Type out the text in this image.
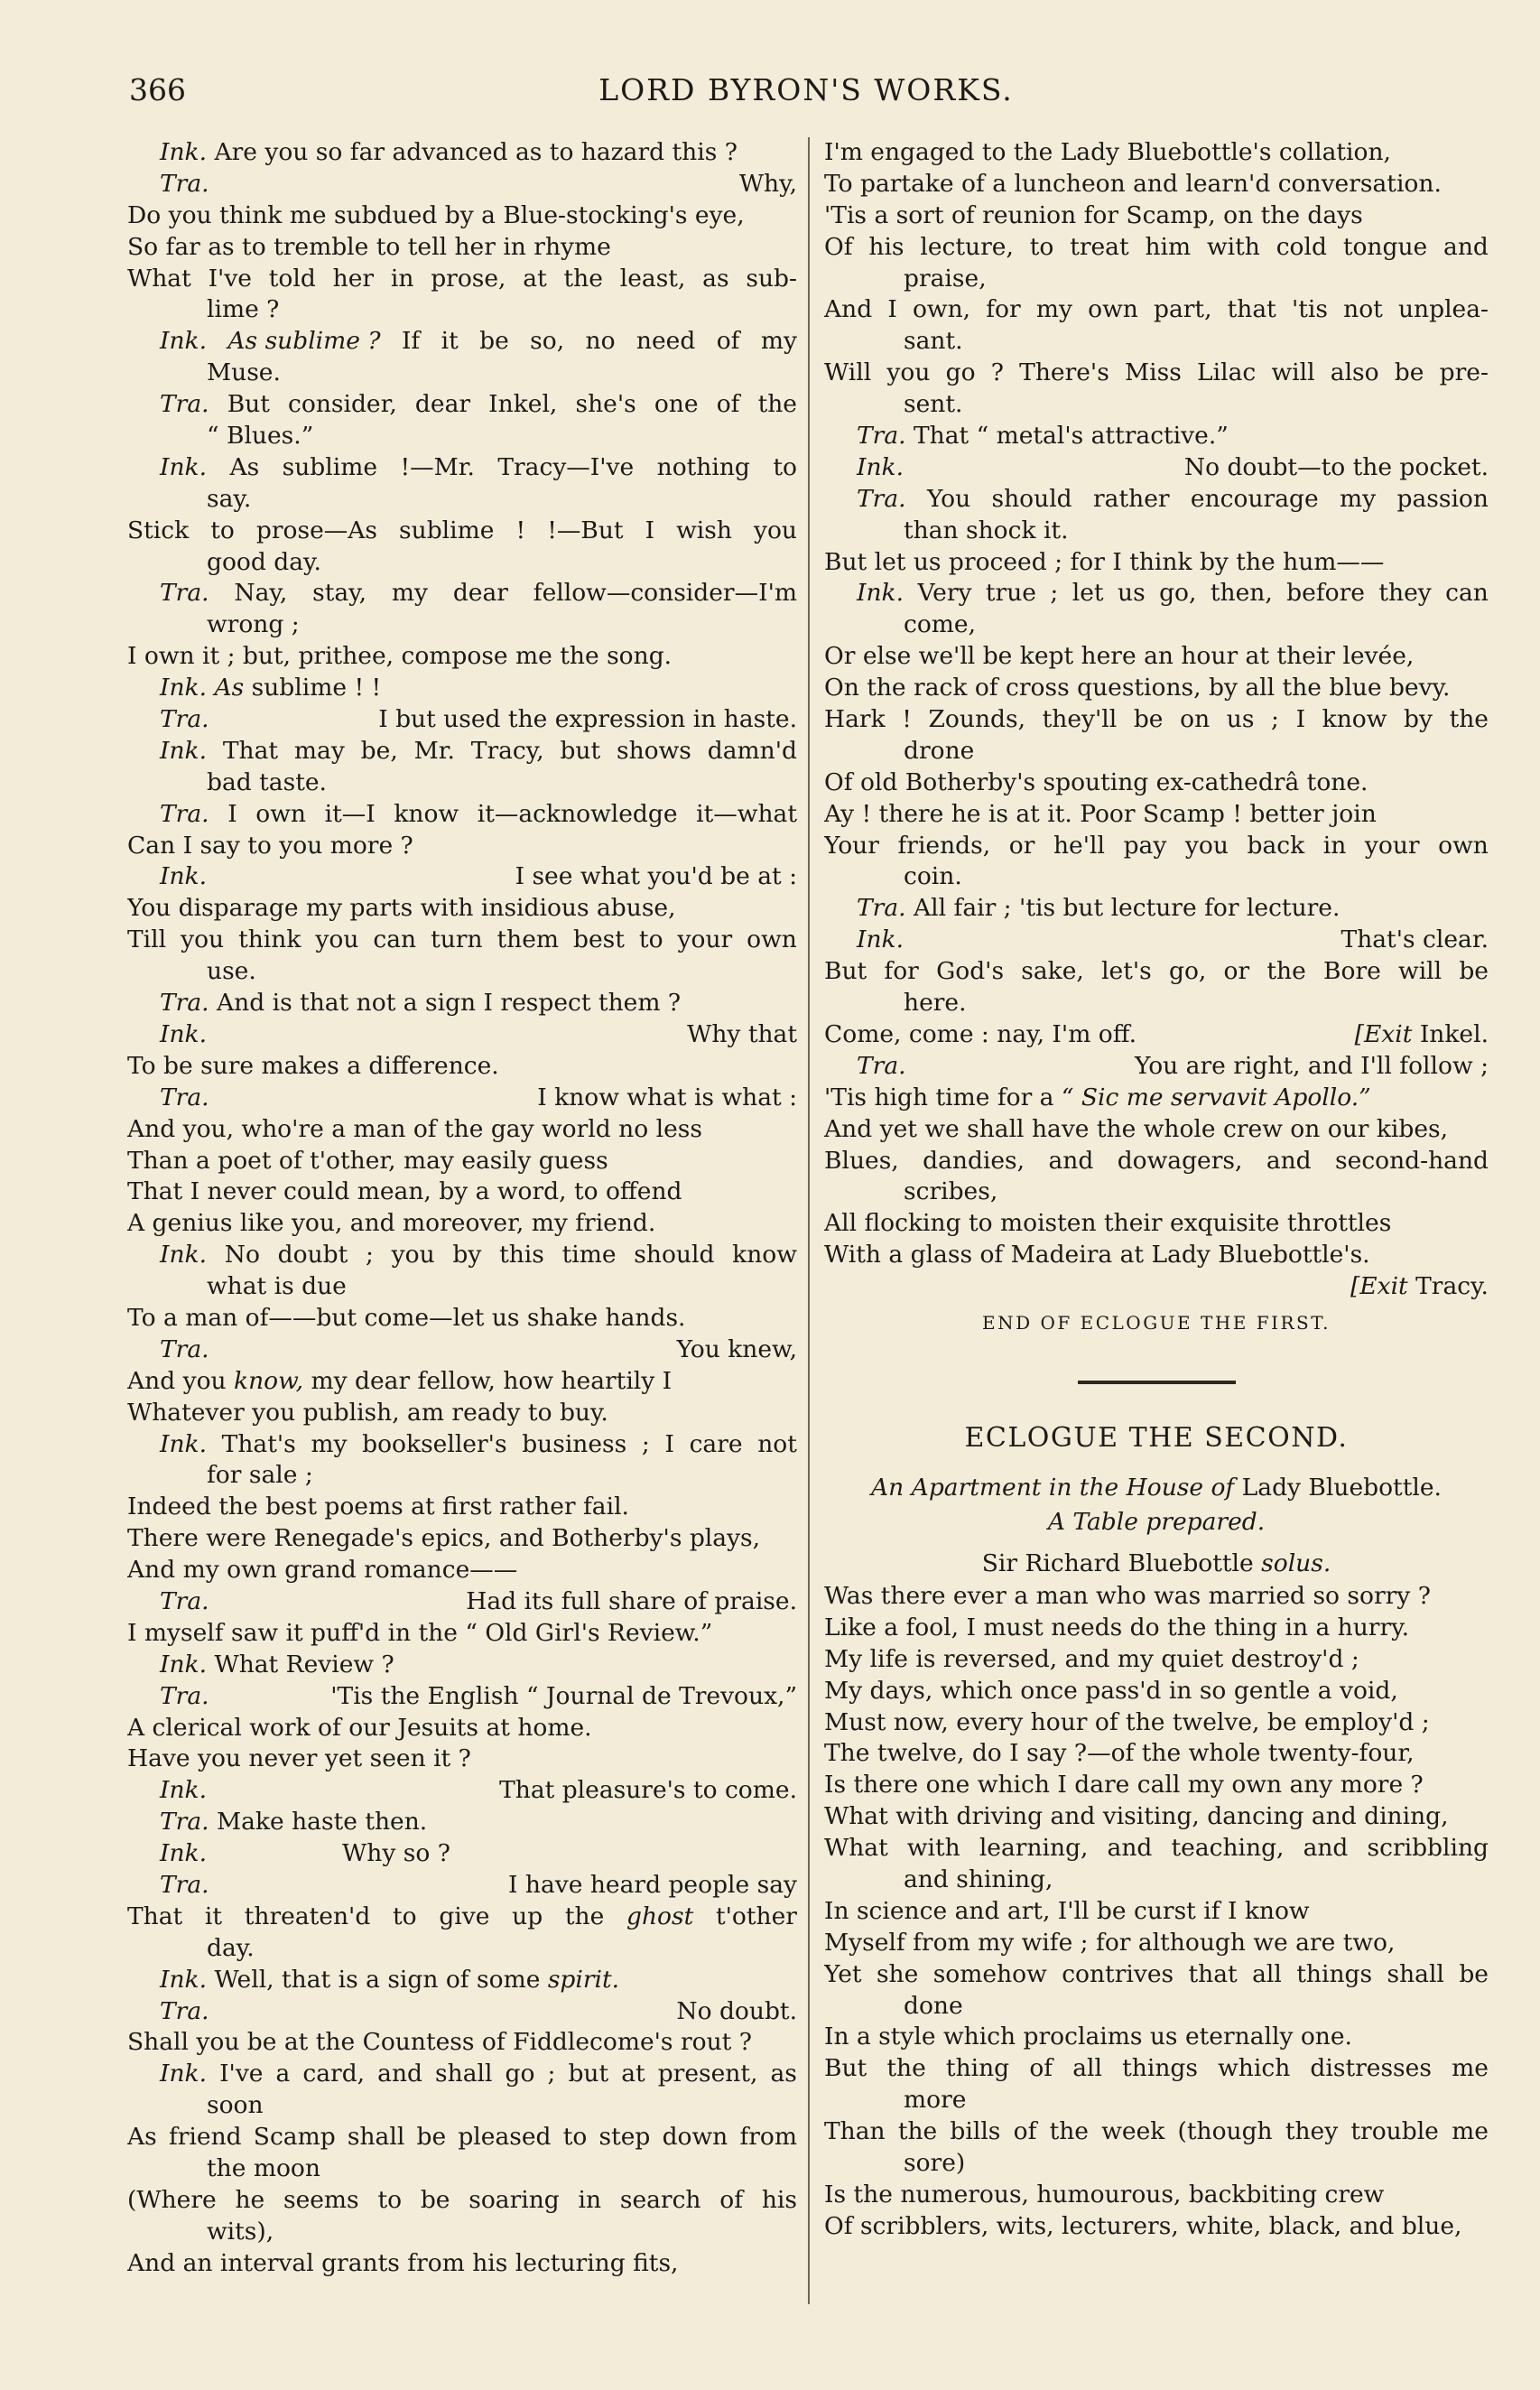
366	LORD BYRON'S WORKS.
Ink. Are you so far advanced as to hazard this ?
Tra.	Why,
Do you think me subdued by a Blue-stocking's eye,
So far as to tremble to tell her in rhyme
What I've told her in prose, at the least, as sub-
lime ?
Ink. As sublime ? If it be so, no need of my
Muse.
Tra. But consider, dear Inkel, she's one of the
“ Blues.”
Ink. As sublime !—Mr. Tracy—I've nothing to
say.
Stick to prose—As sublime ! !—But I wish you
good day.
Tra. Nay, stay, my dear fellow—consider—I'm
wrong ;
I own it ; but, prithee, compose me the song.
Ink. As sublime ! !
Tra.	I but used the expression in haste.
Ink. That may be, Mr. Tracy, but shows damn'd
bad taste.
Tra. I own it—I know it—acknowledge it—what
Can I say to you more ?
Ink.	I see what you'd be at :
You disparage my parts with insidious abuse,
Till you think you can turn them best to your own
use.
Tra. And is that not a sign I respect them ?
Ink.	Why that
To be sure makes a difference.
Tra.	I know what is what :
And you, who're a man of the gay world no less
Than a poet of t'other, may easily guess
That I never could mean, by a word, to offend
A genius like you, and moreover, my friend.
Ink. No doubt ; you by this time should know
what is due
To a man of——but come—let us shake hands.
Tra.	You knew,
And you know, my dear fellow, how heartily I
Whatever you publish, am ready to buy.
Ink. That's my bookseller's business ; I care not
for sale ;
Indeed the best poems at first rather fail.
There were Renegade's epics, and Botherby's plays,
And my own grand romance——
Tra.	Had its full share of praise.
I myself saw it puff'd in the “ Old Girl's Review.”
Ink. What Review ?
Tra.	'Tis the English “ Journal de Trevoux,”
A clerical work of our Jesuits at home.
Have you never yet seen it ?
Ink.	That pleasure's to come.
Tra. Make haste then.
Ink.	Why so ?
Tra.	I have heard people say
That it threaten'd to give up the ghost t'other
day.
Ink. Well, that is a sign of some spirit.
Tra.	No doubt.
Shall you be at the Countess of Fiddlecome's rout ?
Ink. I've a card, and shall go ; but at present, as
soon
As friend Scamp shall be pleased to step down from
the moon
(Where he seems to be soaring in search of his
wits),
And an interval grants from his lecturing fits,
I'm engaged to the Lady Bluebottle's collation,
To partake of a luncheon and learn'd conversation.
'Tis a sort of reunion for Scamp, on the days
Of his lecture, to treat him with cold tongue and
praise,
And I own, for my own part, that 'tis not unplea-
sant.
Will you go ? There's Miss Lilac will also be pre-
sent.
Tra. That “ metal's attractive.”
Ink.	No doubt—to the pocket.
Tra. You should rather encourage my passion
than shock it.
But let us proceed ; for I think by the hum——
Ink. Very true ; let us go, then, before they can
come,
Or else we'll be kept here an hour at their levée,
On the rack of cross questions, by all the blue bevy.
Hark ! Zounds, they'll be on us ; I know by the
drone
Of old Botherby's spouting ex-cathedrâ tone.
Ay ! there he is at it. Poor Scamp ! better join
Your friends, or he'll pay you back in your own
coin.
Tra. All fair ; 'tis but lecture for lecture.
Ink.	That's clear.
But for God's sake, let's go, or the Bore will be
here.
Come, come : nay, I'm off.	[Exit Inkel.
Tra.	You are right, and I'll follow ;
'Tis high time for a “ Sic me servavit Apollo.”
And yet we shall have the whole crew on our kibes,
Blues, dandies, and dowagers, and second-hand
scribes,
All flocking to moisten their exquisite throttles
With a glass of Madeira at Lady Bluebottle's.
[Exit Tracy.
END OF ECLOGUE THE FIRST.
ECLOGUE THE SECOND.
An Apartment in the House of Lady Bluebottle.
A Table prepared.
Sir Richard Bluebottle solus.
Was there ever a man who was married so sorry ?
Like a fool, I must needs do the thing in a hurry.
My life is reversed, and my quiet destroy'd ;
My days, which once pass'd in so gentle a void,
Must now, every hour of the twelve, be employ'd ;
The twelve, do I say ?—of the whole twenty-four,
Is there one which I dare call my own any more ?
What with driving and visiting, dancing and dining,
What with learning, and teaching, and scribbling
and shining,
In science and art, I'll be curst if I know
Myself from my wife ; for although we are two,
Yet she somehow contrives that all things shall be
done
In a style which proclaims us eternally one.
But the thing of all things which distresses me
more
Than the bills of the week (though they trouble me
sore)
Is the numerous, humourous, backbiting crew
Of scribblers, wits, lecturers, white, black, and blue,
